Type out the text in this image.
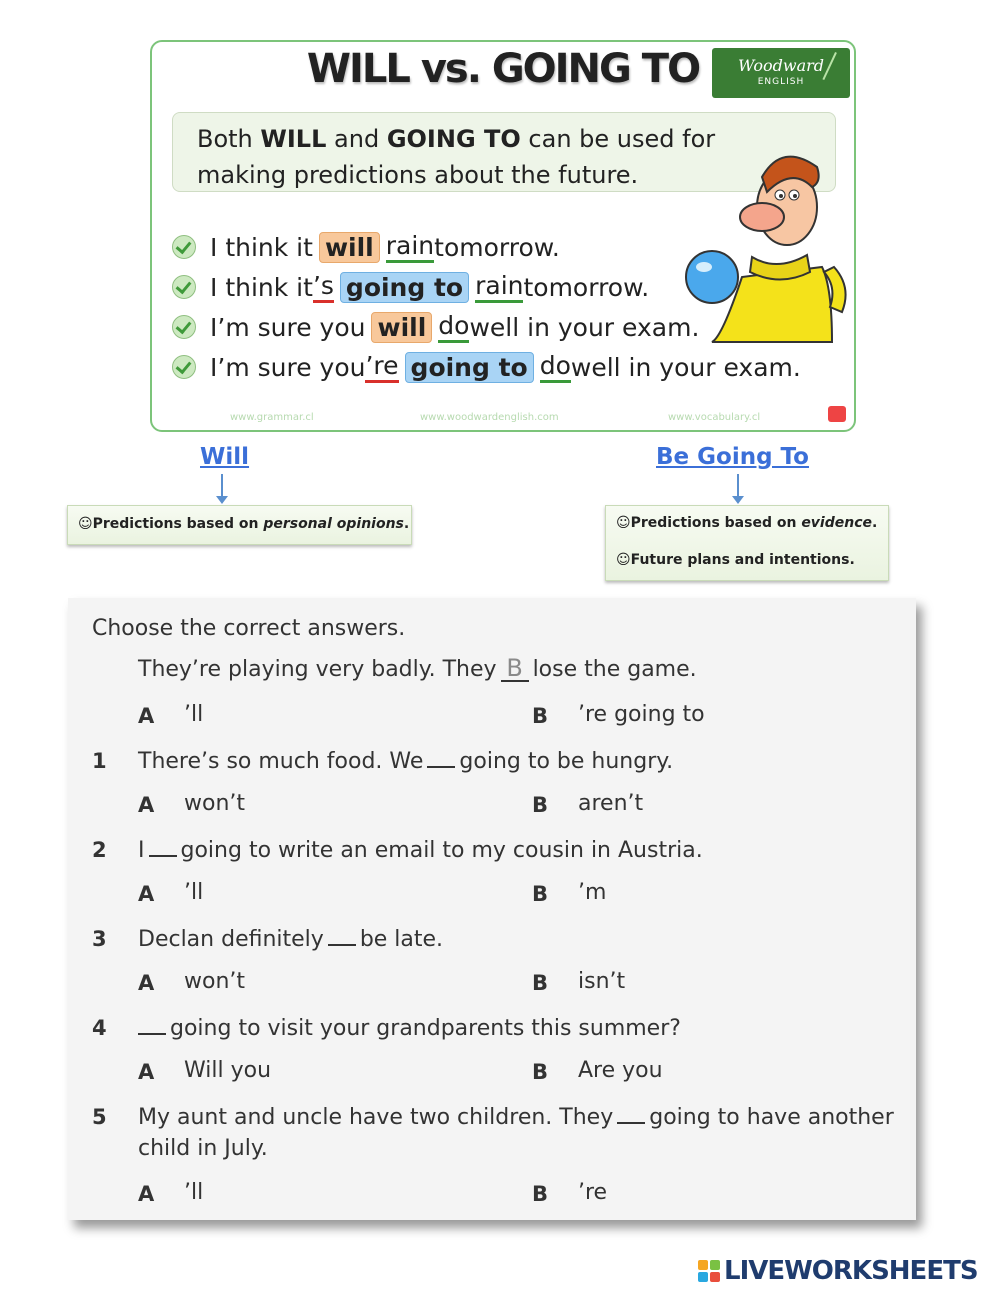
WILL vs. GOING TO	Woodward
ENGLISH
Both WILL and GOING TO can be used for
making predictions about the future.
I think it will rain tomorrow.
I think it ’s going to rain tomorrow.
I’m sure you will do well in your exam.
I’m sure you ’re going to do well in your exam.
www.grammar.cl	www.woodwardenglish.com	www.vocabulary.cl
Will
☺Predictions based on personal opinions.
Be Going To
☺Predictions based on evidence.
☺Future plans and intentions.
Choose the correct answers.
They’re playing very badly. They B lose the game.
A ’ll	B ’re going to
1 There’s so much food. We going to be hungry.
A won’t	B aren’t
2 I going to write an email to my cousin in Austria.
A ’ll	B ’m
3 Declan definitely be late.
A won’t	B isn’t
4	going to visit your grandparents this summer?
A Will you	B Are you
5 My aunt and uncle have two children. They going to have another
child in July.
A ’ll	B ’re
LIVEWORKSHEETS
